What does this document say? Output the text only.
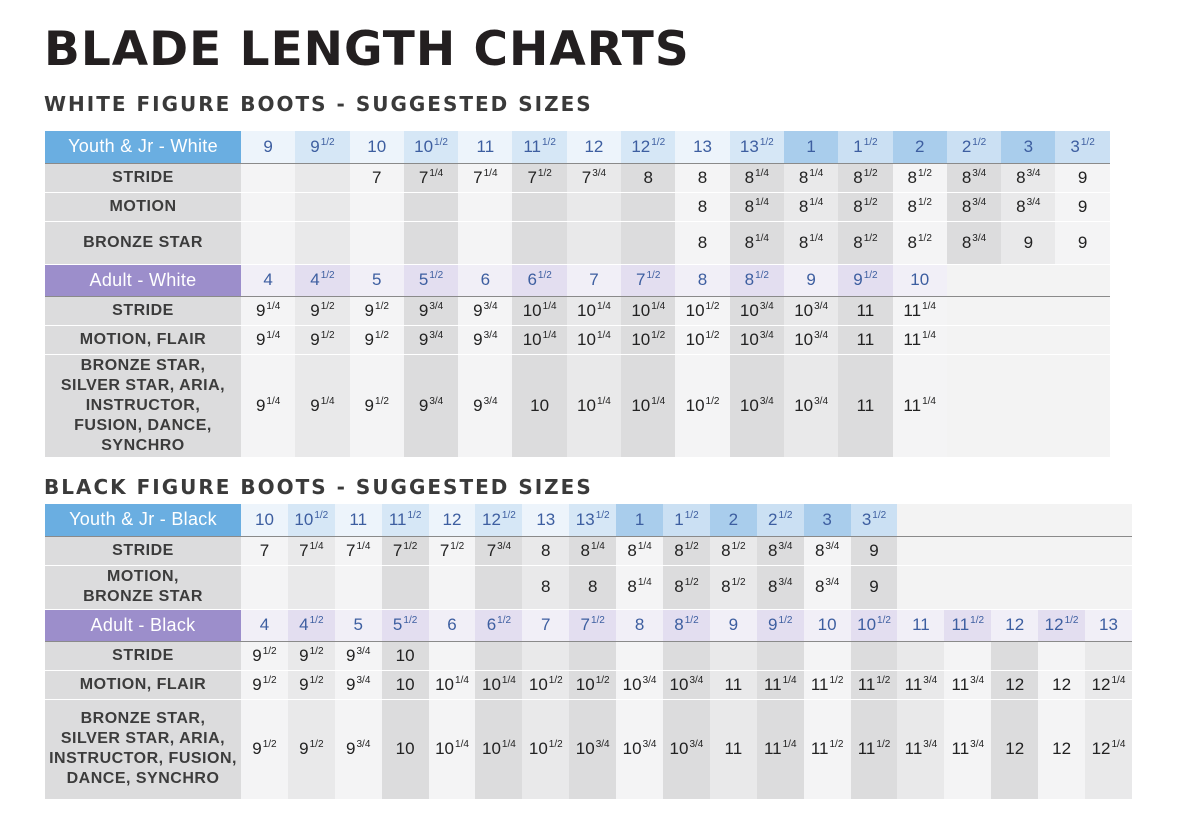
BLADE LENGTH CHARTS
WHITE FIGURE BOOTS - SUGGESTED SIZES
Youth & Jr - White	9	$9^{1/2}$	10	$10^{1/2}$	11	$11^{1/2}$	12	$12^{1/2}$	13	$13^{1/2}$	1	$1^{1/2}$	2	$2^{1/2}$	3	$3^{1/2}$
STRIDE			7	$7^{1/4}$	$7^{1/4}$	$7^{1/2}$	$7^{3/4}$	8	8	$8^{1/4}$	$8^{1/4}$	$8^{1/2}$	$8^{1/2}$	$8^{3/4}$	$8^{3/4}$	9
MOTION									8	$8^{1/4}$	$8^{1/4}$	$8^{1/2}$	$8^{1/2}$	$8^{3/4}$	$8^{3/4}$	9
BRONZE STAR									8	$8^{1/4}$	$8^{1/4}$	$8^{1/2}$	$8^{1/2}$	$8^{3/4}$	9	9
Adult - White	4	$4^{1/2}$	5	$5^{1/2}$	6	$6^{1/2}$	7	$7^{1/2}$	8	$8^{1/2}$	9	$9^{1/2}$	10			
STRIDE	$9^{1/4}$	$9^{1/2}$	$9^{1/2}$	$9^{3/4}$	$9^{3/4}$	$10^{1/4}$	$10^{1/4}$	$10^{1/4}$	$10^{1/2}$	$10^{3/4}$	$10^{3/4}$	11	$11^{1/4}$			
MOTION, FLAIR	$9^{1/4}$	$9^{1/2}$	$9^{1/2}$	$9^{3/4}$	$9^{3/4}$	$10^{1/4}$	$10^{1/4}$	$10^{1/2}$	$10^{1/2}$	$10^{3/4}$	$10^{3/4}$	11	$11^{1/4}$			
BRONZE STAR,
SILVER STAR, ARIA,
INSTRUCTOR,
FUSION, DANCE,
SYNCHRO	$9^{1/4}$	$9^{1/4}$	$9^{1/2}$	$9^{3/4}$	$9^{3/4}$	10	$10^{1/4}$	$10^{1/4}$	$10^{1/2}$	$10^{3/4}$	$10^{3/4}$	11	$11^{1/4}$			
BLACK FIGURE BOOTS - SUGGESTED SIZES
Youth & Jr - Black	10	$10^{1/2}$	11	$11^{1/2}$	12	$12^{1/2}$	13	$13^{1/2}$	1	$1^{1/2}$	2	$2^{1/2}$	3	$3^{1/2}$					
STRIDE	7	$7^{1/4}$	$7^{1/4}$	$7^{1/2}$	$7^{1/2}$	$7^{3/4}$	8	$8^{1/4}$	$8^{1/4}$	$8^{1/2}$	$8^{1/2}$	$8^{3/4}$	$8^{3/4}$	9					
MOTION,
BRONZE STAR							8	8	$8^{1/4}$	$8^{1/2}$	$8^{1/2}$	$8^{3/4}$	$8^{3/4}$	9					
Adult - Black	4	$4^{1/2}$	5	$5^{1/2}$	6	$6^{1/2}$	7	$7^{1/2}$	8	$8^{1/2}$	9	$9^{1/2}$	10	$10^{1/2}$	11	$11^{1/2}$	12	$12^{1/2}$	13
STRIDE	$9^{1/2}$	$9^{1/2}$	$9^{3/4}$	10															
MOTION, FLAIR	$9^{1/2}$	$9^{1/2}$	$9^{3/4}$	10	$10^{1/4}$	$10^{1/4}$	$10^{1/2}$	$10^{1/2}$	$10^{3/4}$	$10^{3/4}$	11	$11^{1/4}$	$11^{1/2}$	$11^{1/2}$	$11^{3/4}$	$11^{3/4}$	12	12	$12^{1/4}$
BRONZE STAR,
SILVER STAR, ARIA,
INSTRUCTOR, FUSION,
DANCE, SYNCHRO	$9^{1/2}$	$9^{1/2}$	$9^{3/4}$	10	$10^{1/4}$	$10^{1/4}$	$10^{1/2}$	$10^{3/4}$	$10^{3/4}$	$10^{3/4}$	11	$11^{1/4}$	$11^{1/2}$	$11^{1/2}$	$11^{3/4}$	$11^{3/4}$	12	12	$12^{1/4}$
